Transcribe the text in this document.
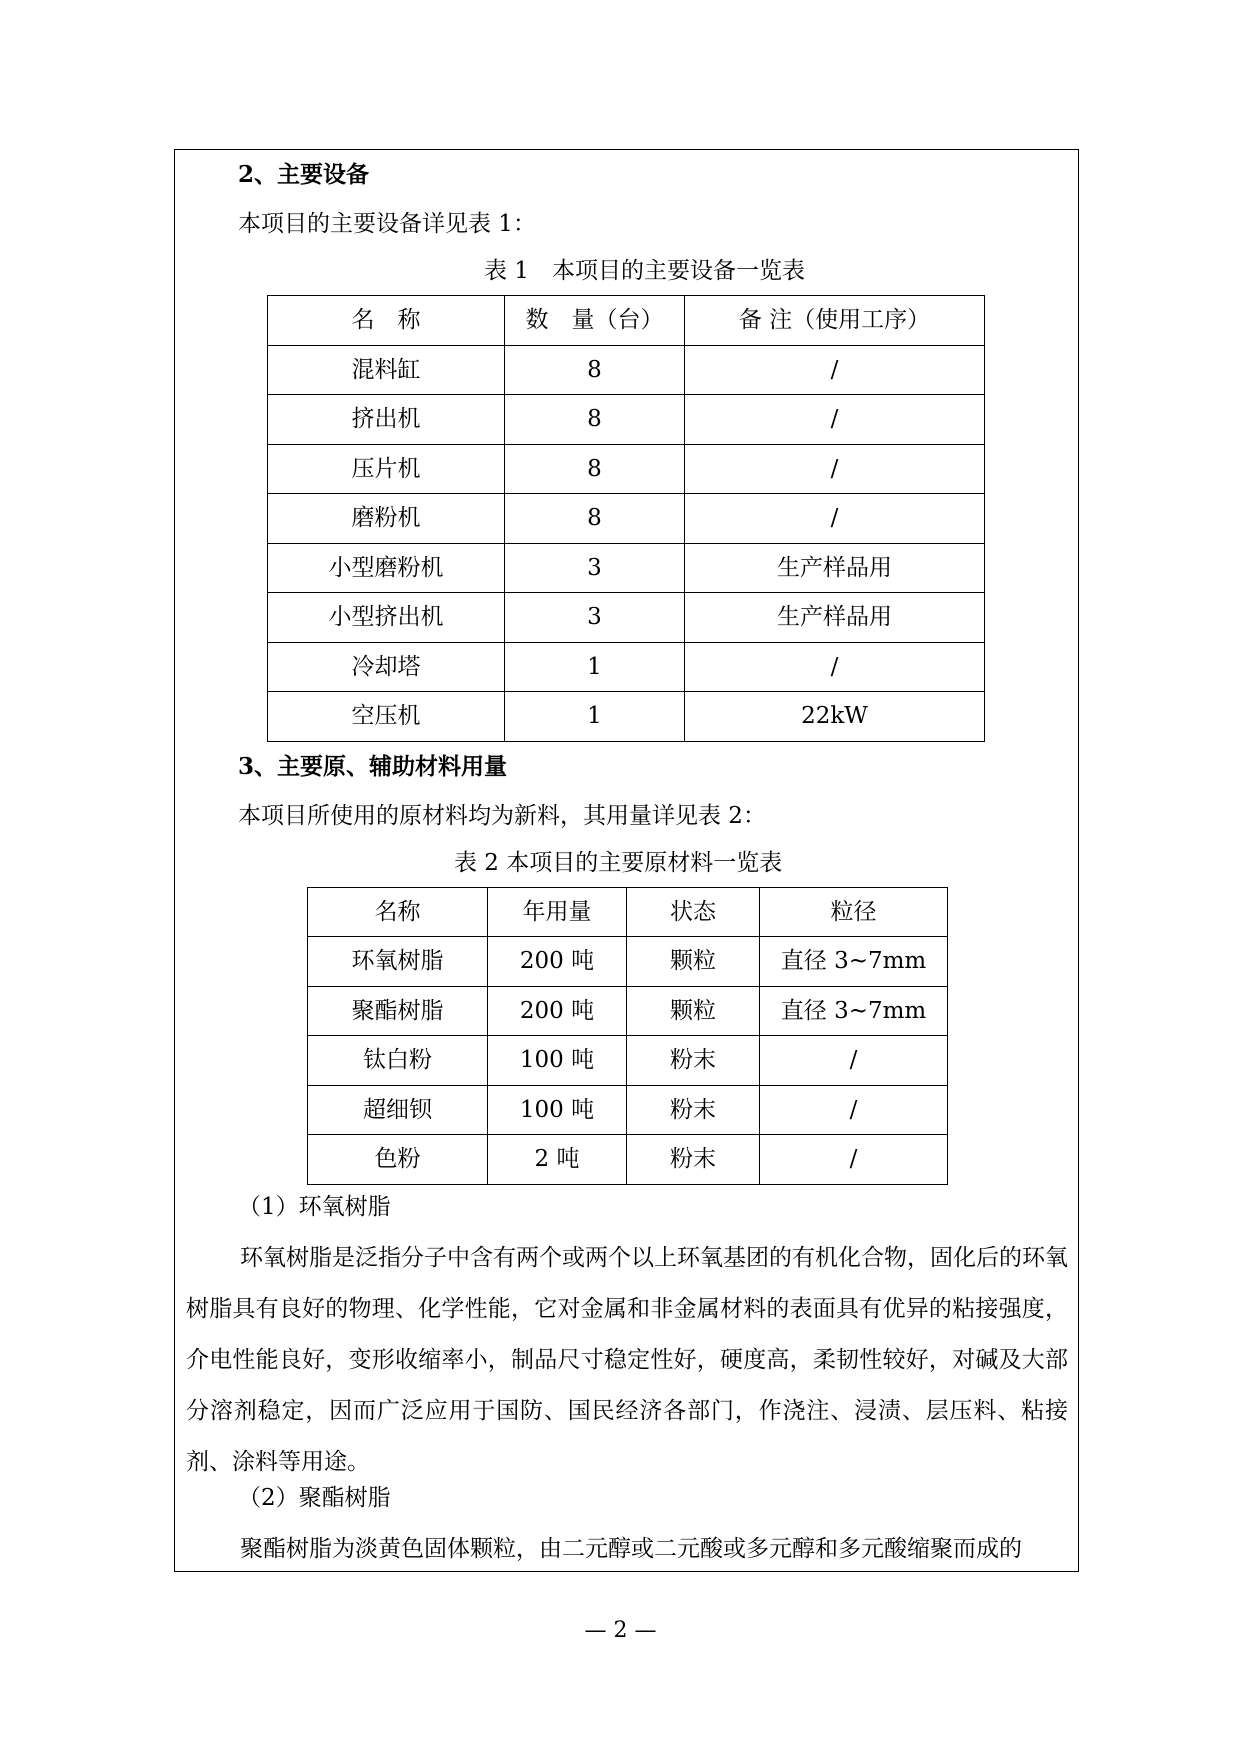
2、主要设备
本项目的主要设备详见表 1：
表 1　本项目的主要设备一览表
名　称	数　量（台）	备 注（使用工序）
混料缸	8	/
挤出机	8	/
压片机	8	/
磨粉机	8	/
小型磨粉机	3	生产样品用
小型挤出机	3	生产样品用
冷却塔	1	/
空压机	1	22kW
3、主要原、辅助材料用量
本项目所使用的原材料均为新料，其用量详见表 2：
表 2 本项目的主要原材料一览表
名称	年用量	状态	粒径
环氧树脂	200 吨	颗粒	直径 3~7mm
聚酯树脂	200 吨	颗粒	直径 3~7mm
钛白粉	100 吨	粉末	/
超细钡	100 吨	粉末	/
色粉	2 吨	粉末	/
（1）环氧树脂

环氧树脂是泛指分子中含有两个或两个以上环氧基团的有机化合物，固化后的环氧树脂具有良好的物理、化学性能，它对金属和非金属材料的表面具有优异的粘接强度，介电性能良好，变形收缩率小，制品尺寸稳定性好，硬度高，柔韧性较好，对碱及大部分溶剂稳定，因而广泛应用于国防、国民经济各部门，作浇注、浸渍、层压料、粘接剂、涂料等用途。

（2）聚酯树脂

聚酯树脂为淡黄色固体颗粒，由二元醇或二元酸或多元醇和多元酸缩聚而成的

— 2 —
